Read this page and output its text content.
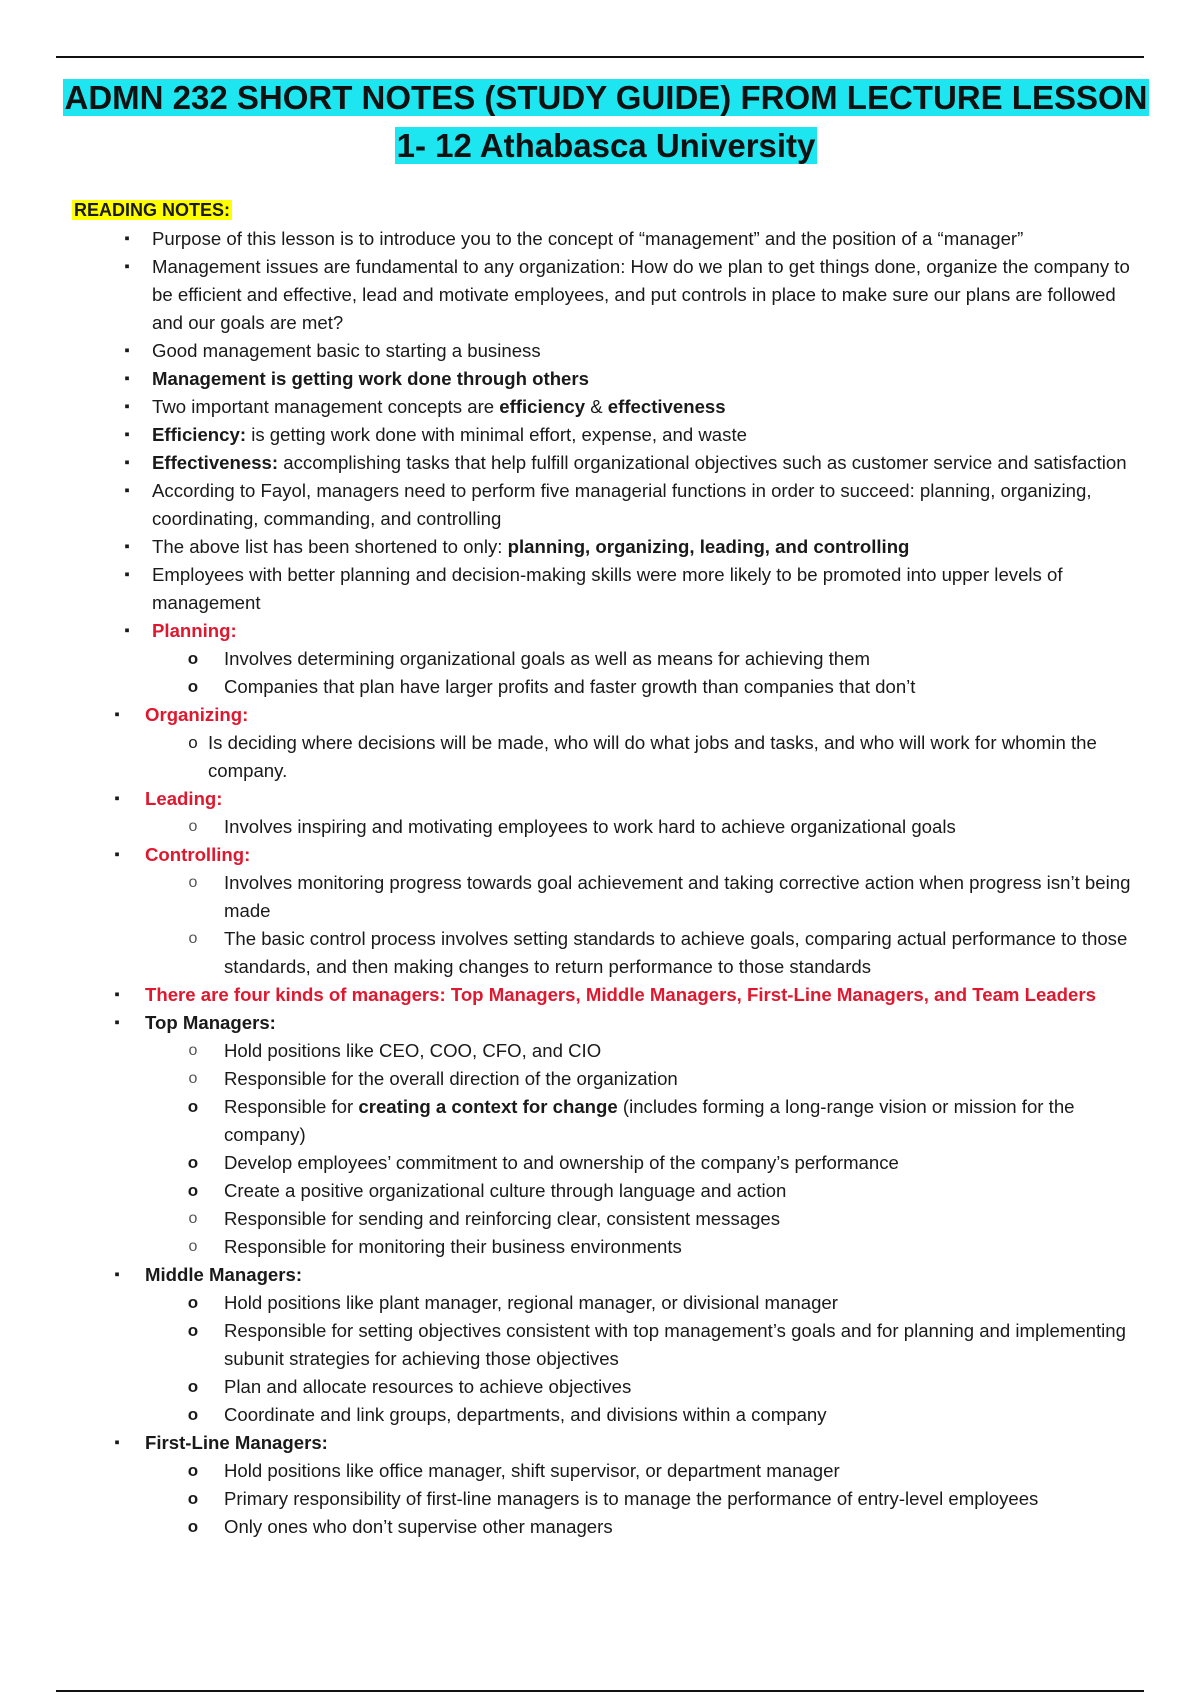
ADMN 232 SHORT NOTES (STUDY GUIDE) FROM LECTURE LESSON
1- 12 Athabasca University
READING NOTES:
▪ Purpose of this lesson is to introduce you to the concept of “management” and the position of a “manager”
▪ Management issues are fundamental to any organization: How do we plan to get things done, organize the company to be efficient and effective, lead and motivate employees, and put controls in place to make sure our plans are followed and our goals are met?
▪ Good management basic to starting a business
▪ Management is getting work done through others
▪ Two important management concepts are efficiency & effectiveness
▪ Efficiency: is getting work done with minimal effort, expense, and waste
▪ Effectiveness: accomplishing tasks that help fulfill organizational objectives such as customer service and satisfaction
▪ According to Fayol, managers need to perform five managerial functions in order to succeed: planning, organizing, coordinating, commanding, and controlling
▪ The above list has been shortened to only: planning, organizing, leading, and controlling
▪ Employees with better planning and decision-making skills were more likely to be promoted into upper levels of management
▪ Planning:
o Involves determining organizational goals as well as means for achieving them
o Companies that plan have larger profits and faster growth than companies that don’t
▪ Organizing:
o Is deciding where decisions will be made, who will do what jobs and tasks, and who will work for whomin the company.
▪ Leading:
o Involves inspiring and motivating employees to work hard to achieve organizational goals
▪ Controlling:
o Involves monitoring progress towards goal achievement and taking corrective action when progress isn’t being made
o The basic control process involves setting standards to achieve goals, comparing actual performance to those standards, and then making changes to return performance to those standards
▪ There are four kinds of managers: Top Managers, Middle Managers, First-Line Managers, and Team Leaders
▪ Top Managers:
o Hold positions like CEO, COO, CFO, and CIO
o Responsible for the overall direction of the organization
o Responsible for creating a context for change (includes forming a long-range vision or mission for the company)
o Develop employees’ commitment to and ownership of the company’s performance
o Create a positive organizational culture through language and action
o Responsible for sending and reinforcing clear, consistent messages
o Responsible for monitoring their business environments
▪ Middle Managers:
o Hold positions like plant manager, regional manager, or divisional manager
o Responsible for setting objectives consistent with top management’s goals and for planning and implementing subunit strategies for achieving those objectives
o Plan and allocate resources to achieve objectives
o Coordinate and link groups, departments, and divisions within a company
▪ First-Line Managers:
o Hold positions like office manager, shift supervisor, or department manager
o Primary responsibility of first-line managers is to manage the performance of entry-level employees
o Only ones who don’t supervise other managers
